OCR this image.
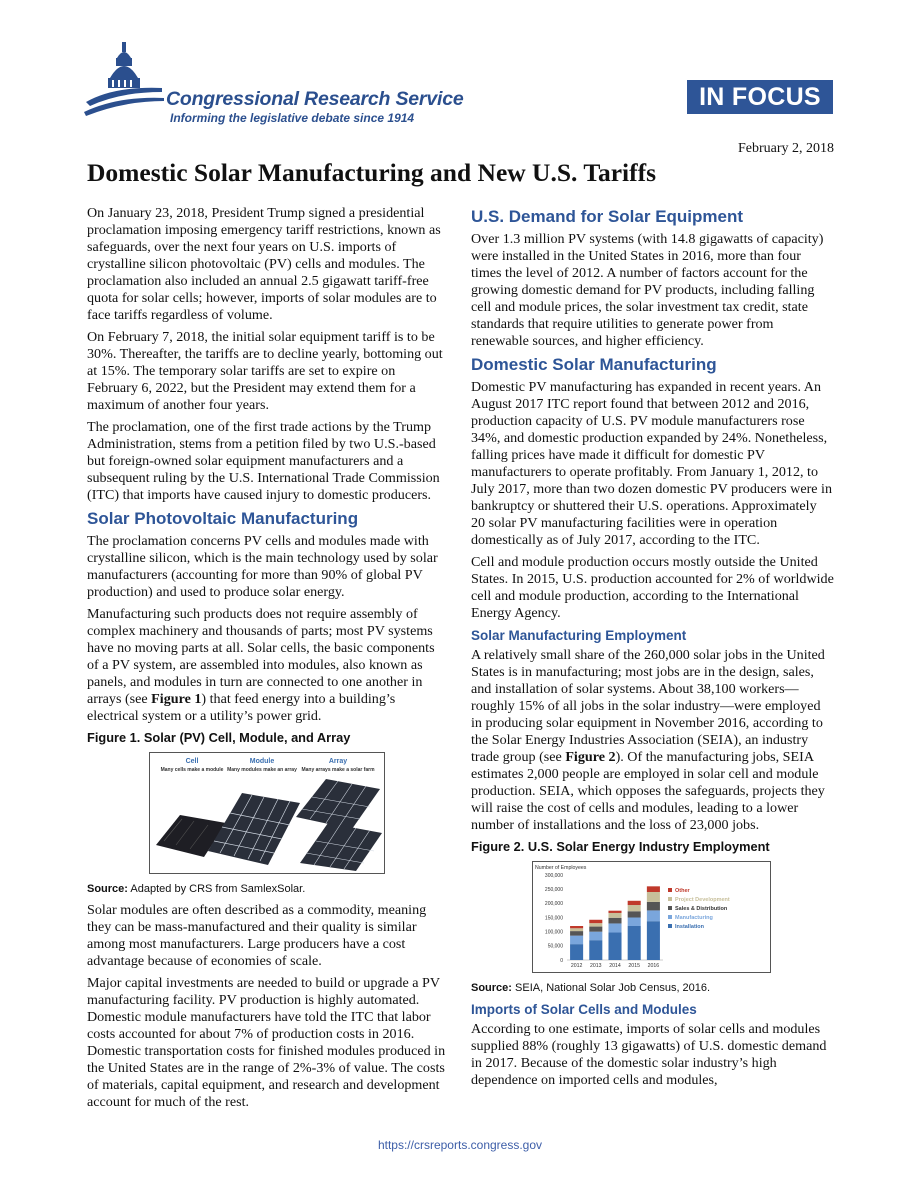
Congressional Research Service
Informing the legislative debate since 1914
IN FOCUS
February 2, 2018
Domestic Solar Manufacturing and New U.S. Tariffs

On January 23, 2018, President Trump signed a presidential proclamation imposing emergency tariff restrictions, known as safeguards, over the next four years on U.S. imports of crystalline silicon photovoltaic (PV) cells and modules. The proclamation also included an annual 2.5 gigawatt tariff-free quota for solar cells; however, imports of solar modules are to face tariffs regardless of volume.

On February 7, 2018, the initial solar equipment tariff is to be 30%. Thereafter, the tariffs are to decline yearly, bottoming out at 15%. The temporary solar tariffs are set to expire on February 6, 2022, but the President may extend them for a maximum of another four years.

The proclamation, one of the first trade actions by the Trump Administration, stems from a petition filed by two U.S.-based but foreign-owned solar equipment manufacturers and a subsequent ruling by the U.S. International Trade Commission (ITC) that imports have caused injury to domestic producers.

Solar Photovoltaic Manufacturing

The proclamation concerns PV cells and modules made with crystalline silicon, which is the main technology used by solar manufacturers (accounting for more than 90% of global PV production) and used to produce solar energy.

Manufacturing such products does not require assembly of complex machinery and thousands of parts; most PV systems have no moving parts at all. Solar cells, the basic components of a PV system, are assembled into modules, also known as panels, and modules in turn are connected to one another in arrays (see Figure 1) that feed energy into a building’s electrical system or a utility’s power grid.

Figure 1. Solar (PV) Cell, Module, and Array
Cell
Many cells make a module
Module
Many modules make an array
Array
Many arrays make a solar farm
Source: Adapted by CRS from SamlexSolar.

Solar modules are often described as a commodity, meaning they can be mass-manufactured and their quality is similar among most manufacturers. Large producers have a cost advantage because of economies of scale.

Major capital investments are needed to build or upgrade a PV manufacturing facility. PV production is highly automated. Domestic module manufacturers have told the ITC that labor costs accounted for about 7% of production costs in 2016. Domestic transportation costs for finished modules produced in the United States are in the range of 2%-3% of value. The costs of materials, capital equipment, and research and development account for much of the rest.

U.S. Demand for Solar Equipment

Over 1.3 million PV systems (with 14.8 gigawatts of capacity) were installed in the United States in 2016, more than four times the level of 2012. A number of factors account for the growing domestic demand for PV products, including falling cell and module prices, the solar investment tax credit, state standards that require utilities to generate power from renewable sources, and higher efficiency.

Domestic Solar Manufacturing

Domestic PV manufacturing has expanded in recent years. An August 2017 ITC report found that between 2012 and 2016, production capacity of U.S. PV module manufacturers rose 34%, and domestic production expanded by 24%. Nonetheless, falling prices have made it difficult for domestic PV manufacturers to operate profitably. From January 1, 2012, to July 2017, more than two dozen domestic PV producers were in bankruptcy or shuttered their U.S. operations. Approximately 20 solar PV manufacturing facilities were in operation domestically as of July 2017, according to the ITC.

Cell and module production occurs mostly outside the United States. In 2015, U.S. production accounted for 2% of worldwide cell and module production, according to the International Energy Agency.

Solar Manufacturing Employment

A relatively small share of the 260,000 solar jobs in the United States is in manufacturing; most jobs are in the design, sales, and installation of solar systems. About 38,100 workers—roughly 15% of all jobs in the solar industry—were employed in producing solar equipment in November 2016, according to the Solar Energy Industries Association (SEIA), an industry trade group (see Figure 2). Of the manufacturing jobs, SEIA estimates 2,000 people are employed in solar cell and module production. SEIA, which opposes the safeguards, projects they will raise the cost of cells and modules, leading to a lower number of installations and the loss of 23,000 jobs.

Figure 2. U.S. Solar Energy Industry Employment
Number of Employees
300,000
250,000
200,000
150,000
100,000
50,000
0
2012 2013 2014 2015 2016
Other
Project Development
Sales & Distribution
Manufacturing
Installation
Source: SEIA, National Solar Job Census, 2016.
Imports of Solar Cells and Modules

According to one estimate, imports of solar cells and modules supplied 88% (roughly 13 gigawatts) of U.S. domestic demand in 2017. Because of the domestic solar industry’s high dependence on imported cells and modules,

https://crsreports.congress.gov
